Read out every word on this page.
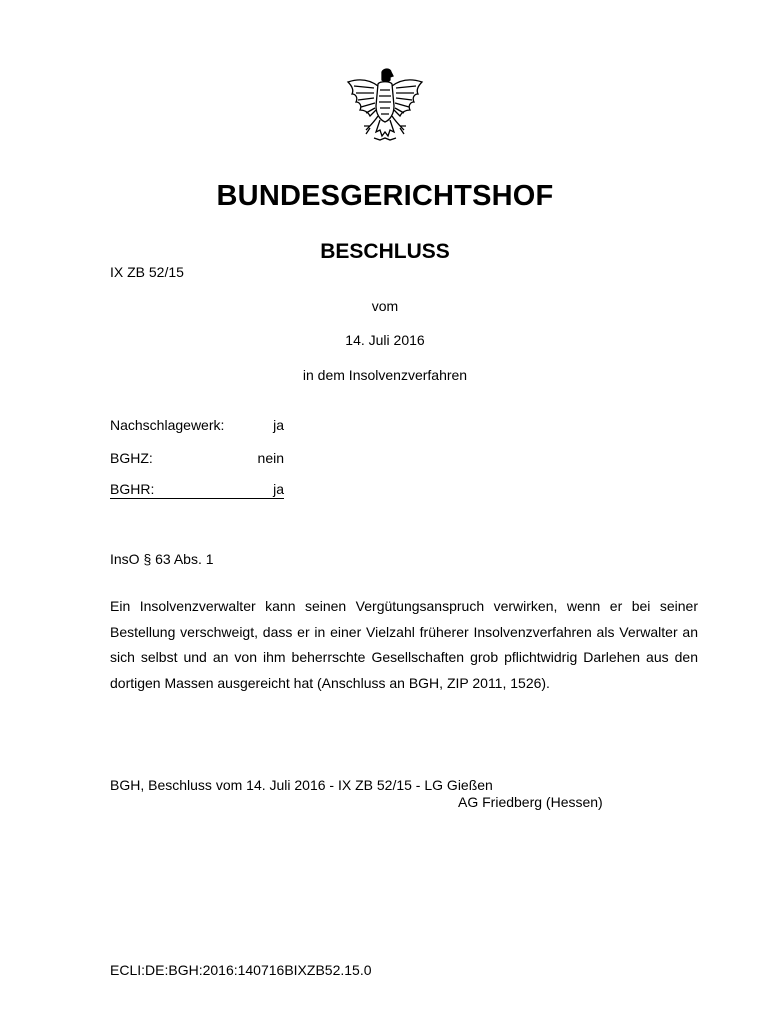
BUNDESGERICHTSHOF
BESCHLUSS
IX ZB 52/15
vom
14. Juli 2016
in dem Insolvenzverfahren
Nachschlagewerk:	ja
BGHZ:	nein
BGHR:	ja
InsO § 63 Abs. 1
Ein Insolvenzverwalter kann seinen Vergütungsanspruch verwirken, wenn er bei seiner Bestellung verschweigt, dass er in einer Vielzahl früherer Insolvenzverfahren als Verwalter an sich selbst und an von ihm beherrschte Gesellschaften grob pflichtwidrig Darlehen aus den dortigen Massen ausgereicht hat (Anschluss an BGH, ZIP 2011, 1526).
BGH, Beschluss vom 14. Juli 2016 - IX ZB 52/15 - LG Gießen
AG Friedberg (Hessen)
ECLI:DE:BGH:2016:140716BIXZB52.15.0
